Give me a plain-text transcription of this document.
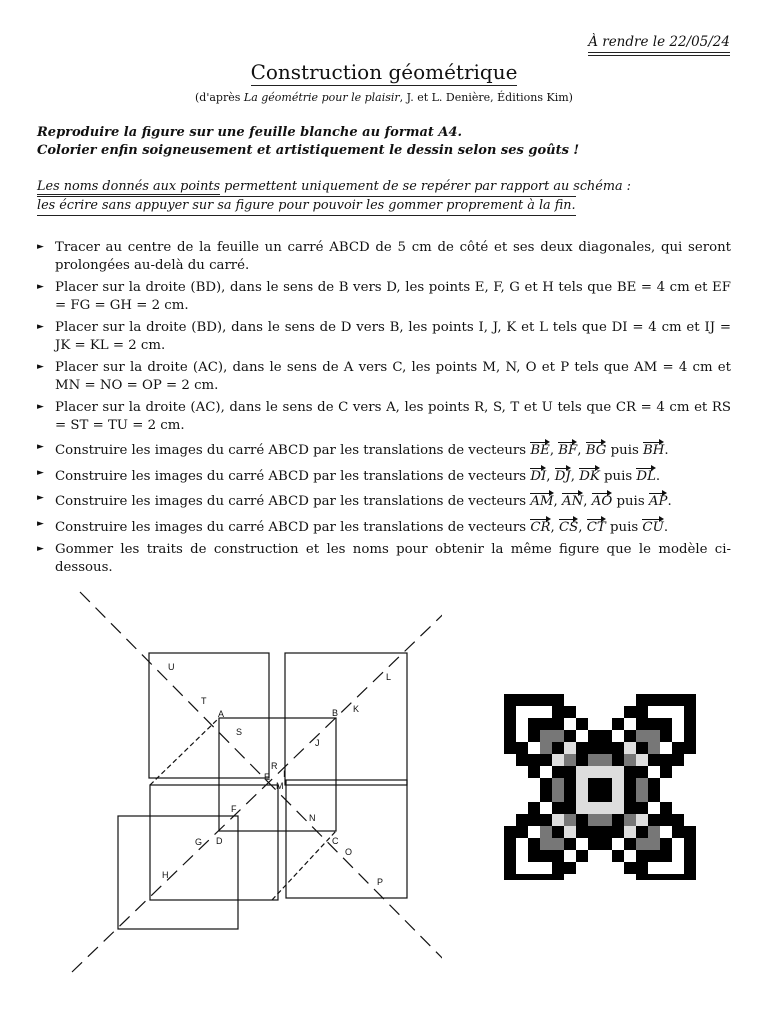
À rendre le 22/05/24
Construction géométrique
(d'après La géométrie pour le plaisir, J. et L. Denière, Éditions Kim)
Reproduire la figure sur une feuille blanche au format A4.
Colorier enfin soigneusement et artistiquement le dessin selon ses goûts !
Les noms donnés aux points permettent uniquement de se repérer par rapport au schéma :
les écrire sans appuyer sur sa figure pour pouvoir les gommer proprement à la fin.
► Tracer au centre de la feuille un carré ABCD de 5 cm de côté et ses deux diagonales, qui seront prolongées au-delà du carré.
► Placer sur la droite (BD), dans le sens de B vers D, les points E, F, G et H tels que BE = 4 cm et EF = FG = GH = 2 cm.
► Placer sur la droite (BD), dans le sens de D vers B, les points I, J, K et L tels que DI = 4 cm et IJ = JK = KL = 2 cm.
► Placer sur la droite (AC), dans le sens de A vers C, les points M, N, O et P tels que AM = 4 cm et MN = NO = OP = 2 cm.
► Placer sur la droite (AC), dans le sens de C vers A, les points R, S, T et U tels que CR = 4 cm et RS = ST = TU = 2 cm.
► Construire les images du carré ABCD par les translations de vecteurs BE, BF, BG puis BH.
► Construire les images du carré ABCD par les translations de vecteurs DI, DJ, DK puis DL.
► Construire les images du carré ABCD par les translations de vecteurs AM, AN, AO puis AP.
► Construire les images du carré ABCD par les translations de vecteurs CR, CS, CT puis CU.
► Gommer les traits de construction et les noms pour obtenir la même figure que le modèle ci-dessous.
U
L
T
A	B K
S
J
R
E I
M
F
N
G D	C
O
H
P
